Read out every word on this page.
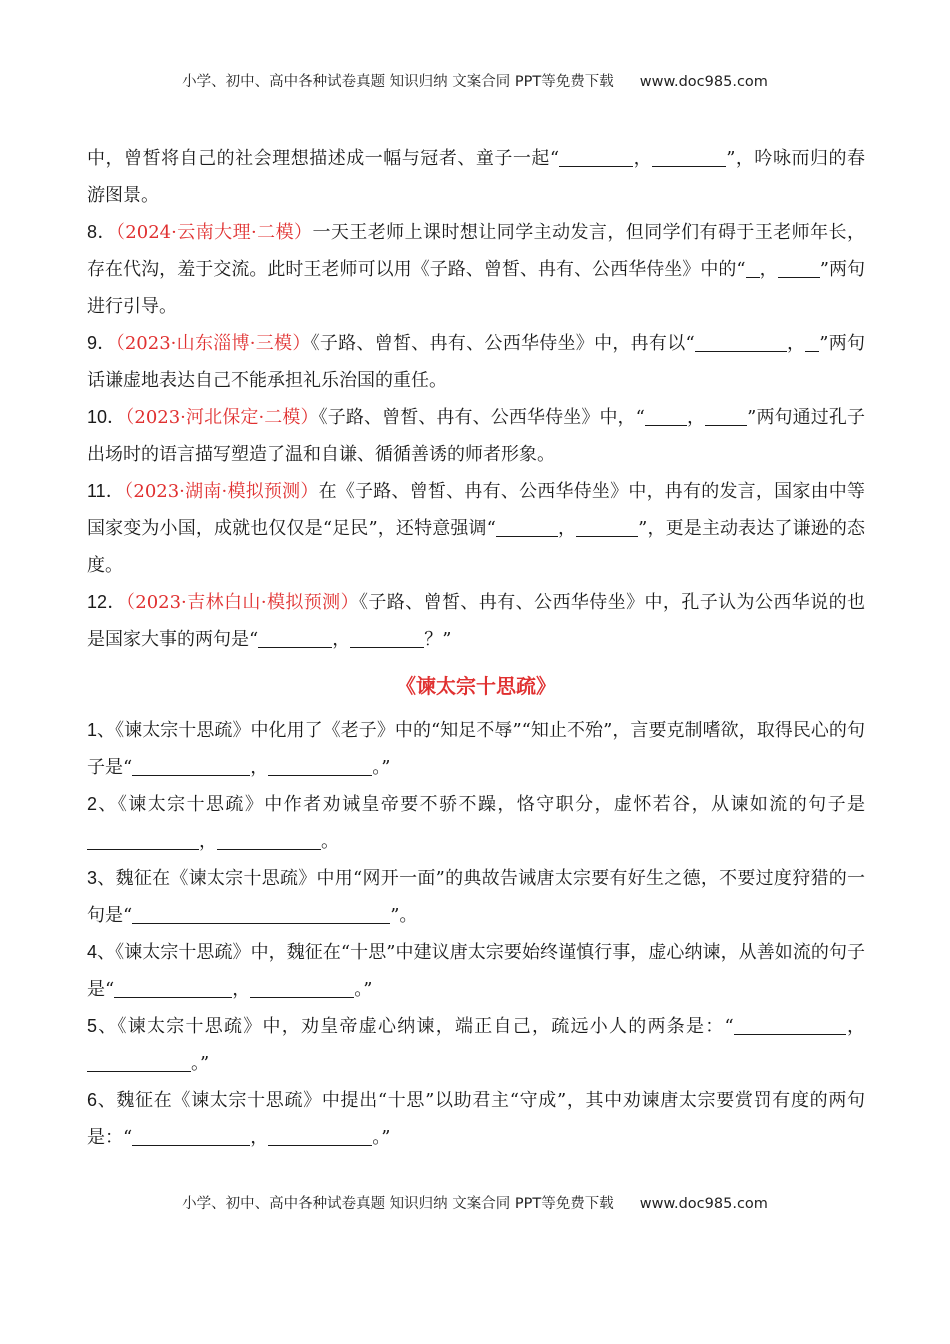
小学、初中、高中各种试卷真题 知识归纳 文案合同 PPT等免费下载 www.doc985.com

中，曾皙将自己的社会理想描述成一幅与冠者、童子一起“	，	”，吟咏而归的春游图景。

8．（2024·云南大理·二模）一天王老师上课时想让同学主动发言，但同学们有碍于王老师年长，存在代沟，羞于交流。此时王老师可以用《子路、曾皙、冉有、公西华侍坐》中的“ ， ”两句进行引导。

9．（2023·山东淄博·三模）《子路、曾皙、冉有、公西华侍坐》中，冉有以“	， ”两句话谦虚地表达自己不能承担礼乐治国的重任。

10．（2023·河北保定·二模）《子路、曾皙、冉有、公西华侍坐》中，“ ， ”两句通过孔子出场时的语言描写塑造了温和自谦、循循善诱的师者形象。

11．（2023·湖南·模拟预测）在《子路、曾皙、冉有、公西华侍坐》中，冉有的发言，国家由中等国家变为小国，成就也仅仅是“足民”，还特意强调“	，	”，更是主动表达了谦逊的态度。

12．（2023·吉林白山·模拟预测）《子路、曾皙、冉有、公西华侍坐》中，孔子认为公西华说的也是国家大事的两句是“	，	？”

《谏太宗十思疏》

1、《谏太宗十思疏》中化用了《老子》中的“知足不辱”“知止不殆”，言要克制嗜欲，取得民心的句子是“	，	。”

2、《谏太宗十思疏》中作者劝诫皇帝要不骄不躁，恪守职分，虚怀若谷，从谏如流的句子是，	。

3、魏征在《谏太宗十思疏》中用“网开一面”的典故告诫唐太宗要有好生之德，不要过度狩猎的一句是“	”。

4、《谏太宗十思疏》中，魏征在“十思”中建议唐太宗要始终谨慎行事，虚心纳谏，从善如流的句子是“	，	。”

5、《谏太宗十思疏》中，劝皇帝虚心纳谏，端正自己，疏远小人的两条是：“	，。”

6、魏征在《谏太宗十思疏》中提出“十思”以助君主“守成”，其中劝谏唐太宗要赏罚有度的两句是：“	，	。”

小学、初中、高中各种试卷真题 知识归纳 文案合同 PPT等免费下载 www.doc985.com
